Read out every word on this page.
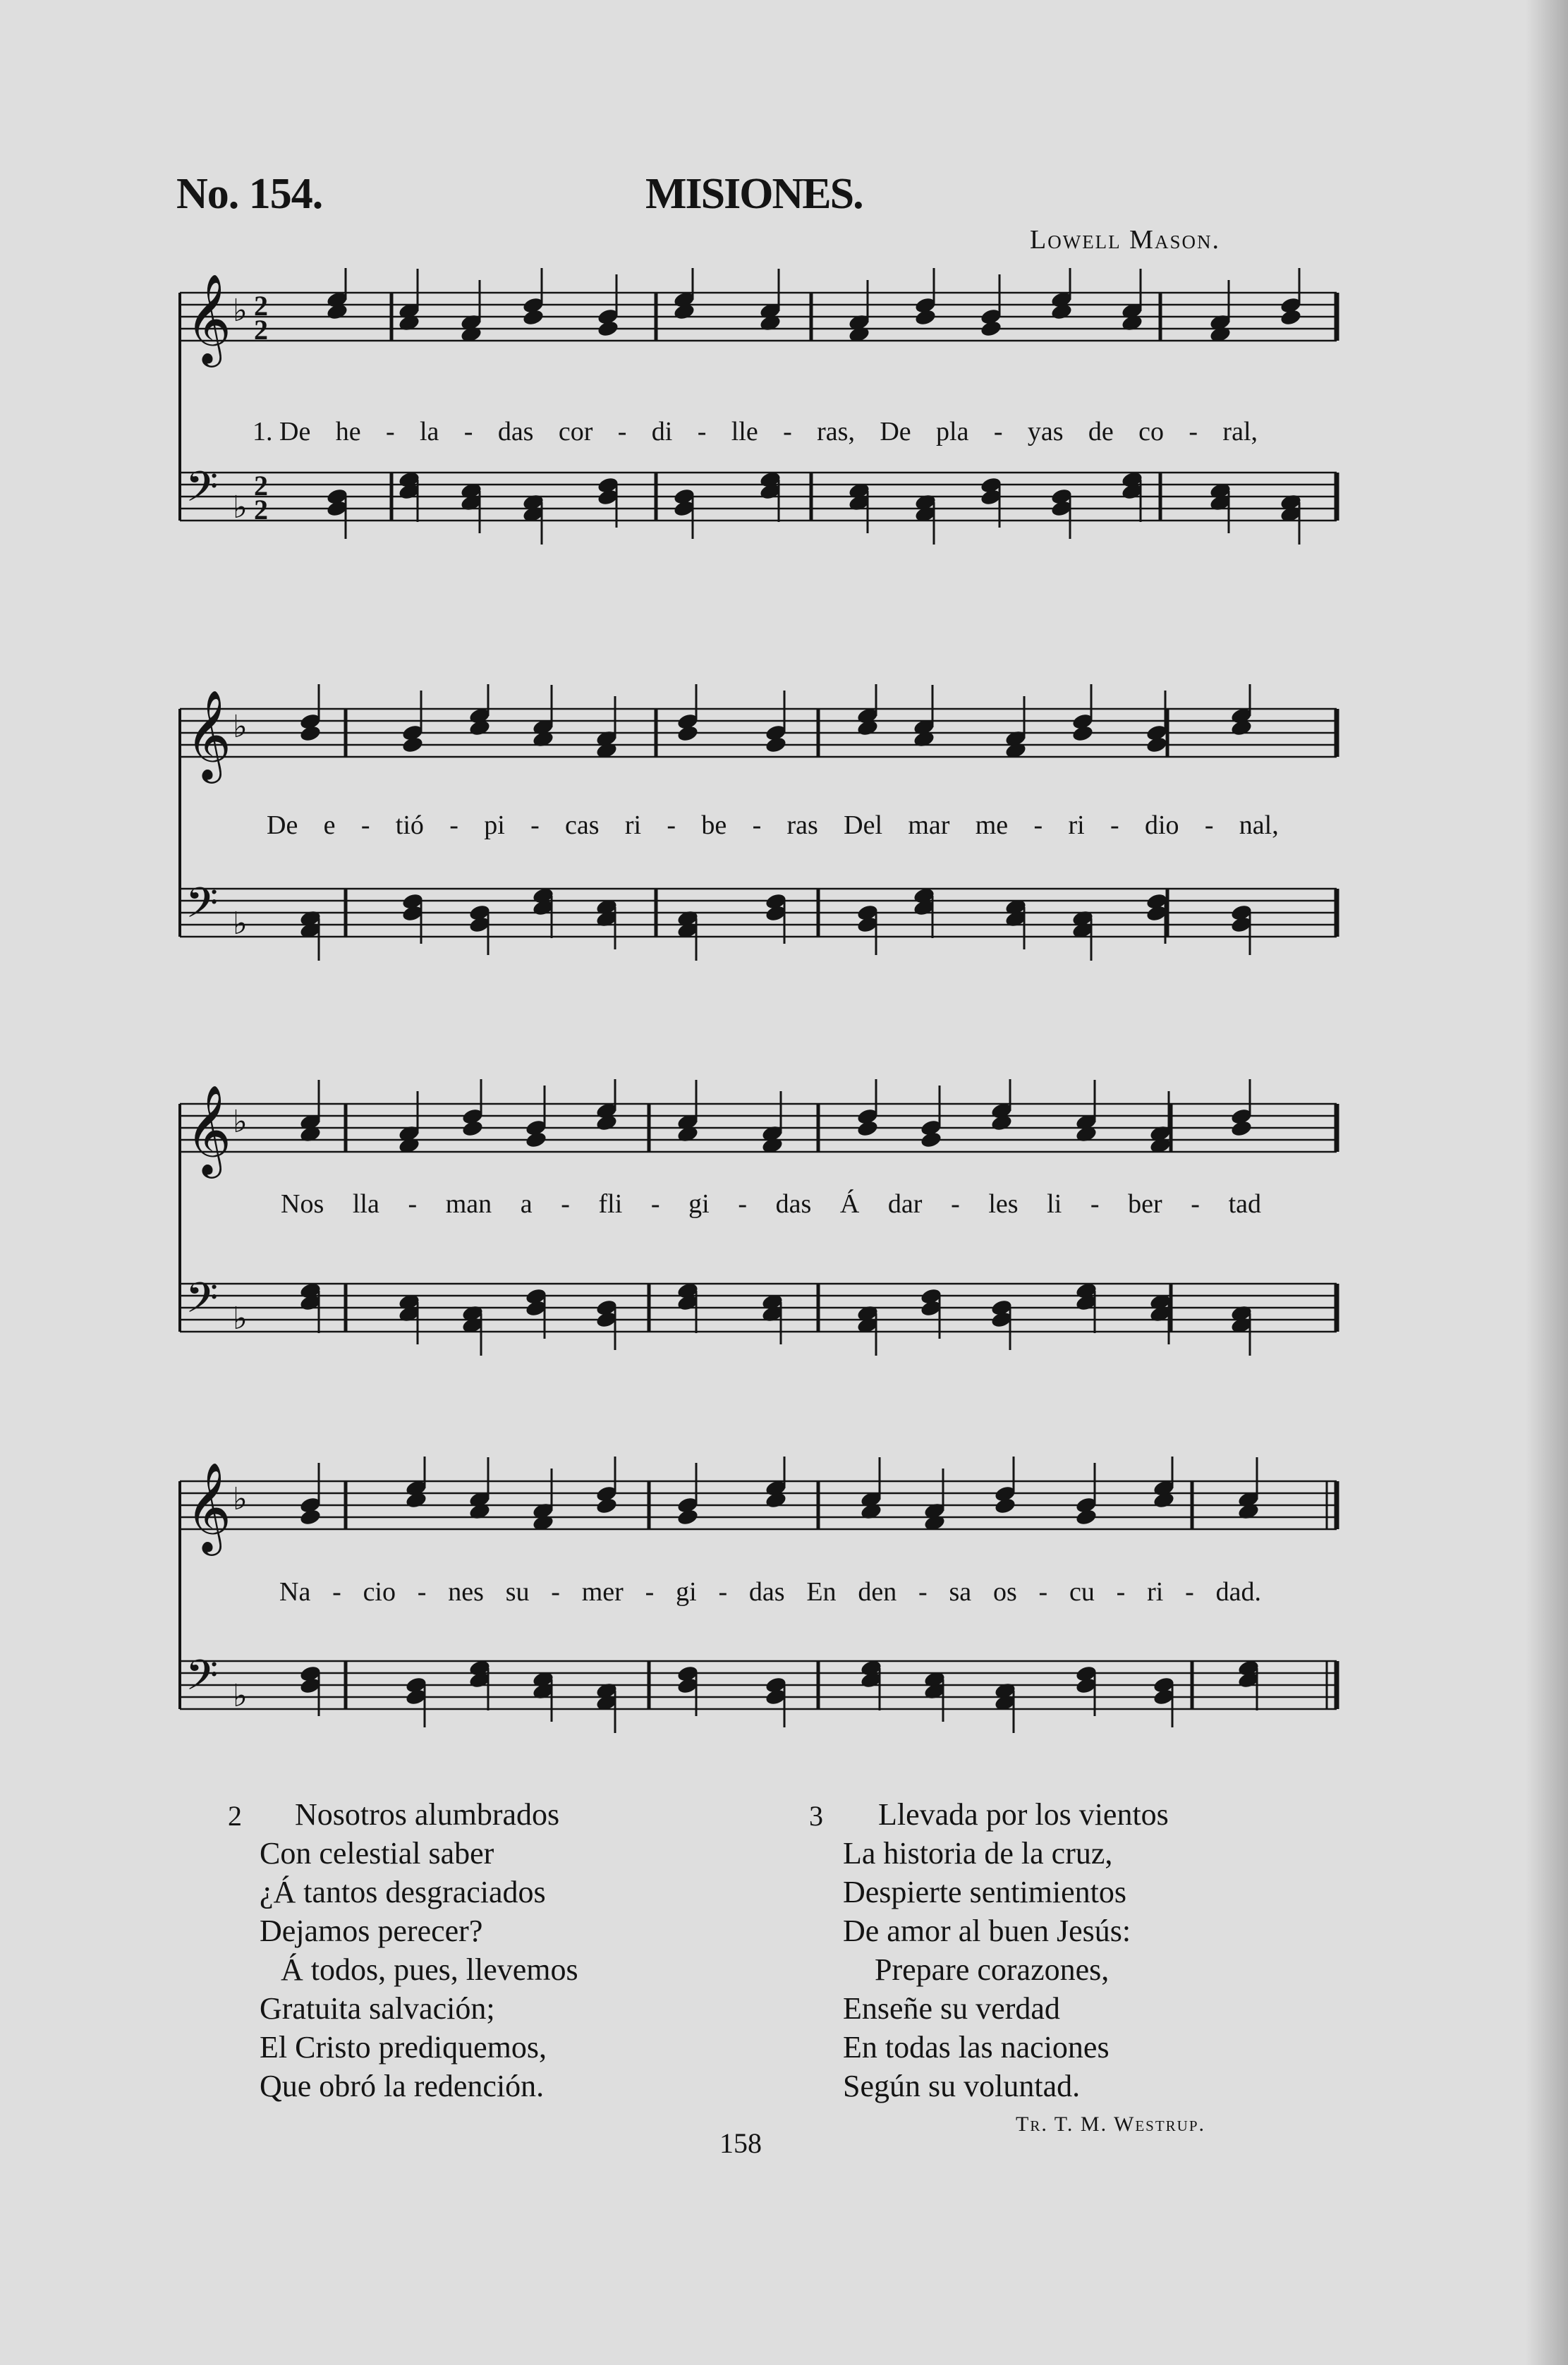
No. 154.	MISIONES.
Lowell Mason.
𝄞 ♭ 2
2
𝄢 ♭
2
2
𝄞 ♭
𝄢 ♭
𝄞 ♭
𝄢 ♭
𝄞 ♭
𝄢 ♭
1. De he - la - das cor - di - lle - ras, De pla - yas de co - ral,
De e - tió - pi - cas ri - be - ras Del mar me - ri - dio - nal,
Nos lla - man a - fli - gi - das Á dar - les li - ber - tad
Na - cio - nes su - mer - gi - das En den - sa os - cu - ri - dad.
2	Nosotros alumbrados
Con celestial saber
¿Á tantos desgraciados
Dejamos perecer?
Á todos, pues, llevemos
Gratuita salvación;
El Cristo prediquemos,
Que obró la redención.
3	Llevada por los vientos
La historia de la cruz,
Despierte sentimientos
De amor al buen Jesús:
Prepare corazones,
Enseñe su verdad
En todas las naciones
Según su voluntad.
Tr. T. M. Westrup.
158
